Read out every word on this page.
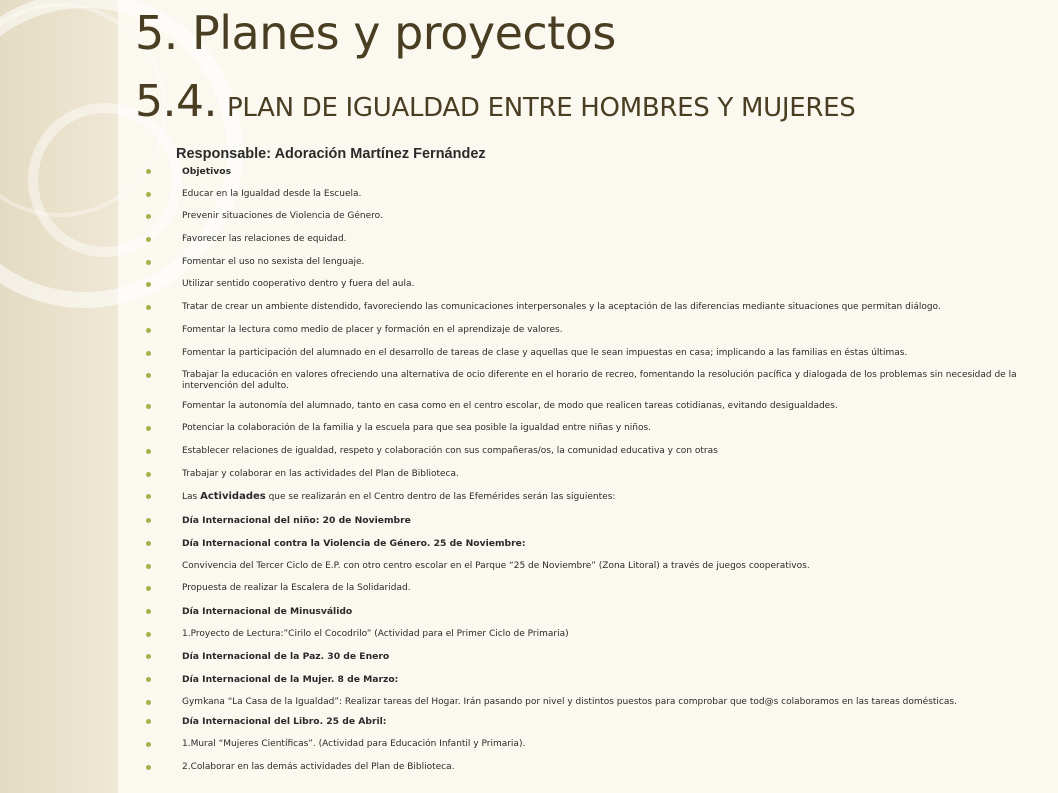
5. Planes y proyectos
5.4. PLAN DE IGUALDAD ENTRE HOMBRES Y MUJERES
Responsable: Adoración Martínez Fernández
Objetivos
Educar en la Igualdad desde la Escuela.
Prevenir situaciones de Violencia de Género.
Favorecer las relaciones de equidad.
Fomentar el uso no sexista del lenguaje.
Utilizar sentido cooperativo dentro y fuera del aula.
Tratar de crear un ambiente distendido, favoreciendo las comunicaciones interpersonales y la aceptación de las diferencias mediante situaciones que permitan diálogo.
Fomentar la lectura como medio de placer y formación en el aprendizaje de valores.
Fomentar la participación del alumnado en el desarrollo de tareas de clase y aquellas que le sean impuestas en casa; implicando a las familias en éstas últimas.
Trabajar la educación en valores ofreciendo una alternativa de ocio diferente en el horario de recreo, fomentando la resolución pacífica y dialogada de los problemas sin necesidad de la intervención del adulto.
Fomentar la autonomía del alumnado, tanto en casa como en el centro escolar, de modo que realicen tareas cotidianas, evitando desigualdades.
Potenciar la colaboración de la familia y la escuela para que sea posible la igualdad entre niñas y niños.
Establecer relaciones de igualdad, respeto y colaboración con sus compañeras/os, la comunidad educativa y con otras
Trabajar y colaborar en las actividades del Plan de Biblioteca.
Las Actividades que se realizarán en el Centro dentro de las Efemérides serán las siguientes:
Día Internacional del niño: 20 de Noviembre
Día Internacional contra la Violencia de Género. 25 de Noviembre:
Convivencia del Tercer Ciclo de E.P. con otro centro escolar en el Parque “25 de Noviembre” (Zona Litoral) a través de juegos cooperativos.
Propuesta de realizar la Escalera de la Solidaridad.
Día Internacional de Minusválido
1.Proyecto de Lectura:”Cirilo el Cocodrilo” (Actividad para el Primer Ciclo de Primaria)
Día Internacional de la Paz. 30 de Enero
Día Internacional de la Mujer. 8 de Marzo:
Gymkana “La Casa de la Igualdad”: Realizar tareas del Hogar. Irán pasando por nivel y distintos puestos para comprobar que tod@s colaboramos en las tareas domésticas.
Día Internacional del Libro. 25 de Abril:
1.Mural “Mujeres Científicas”. (Actividad para Educación Infantil y Primaria).
2.Colaborar en las demás actividades del Plan de Biblioteca.
